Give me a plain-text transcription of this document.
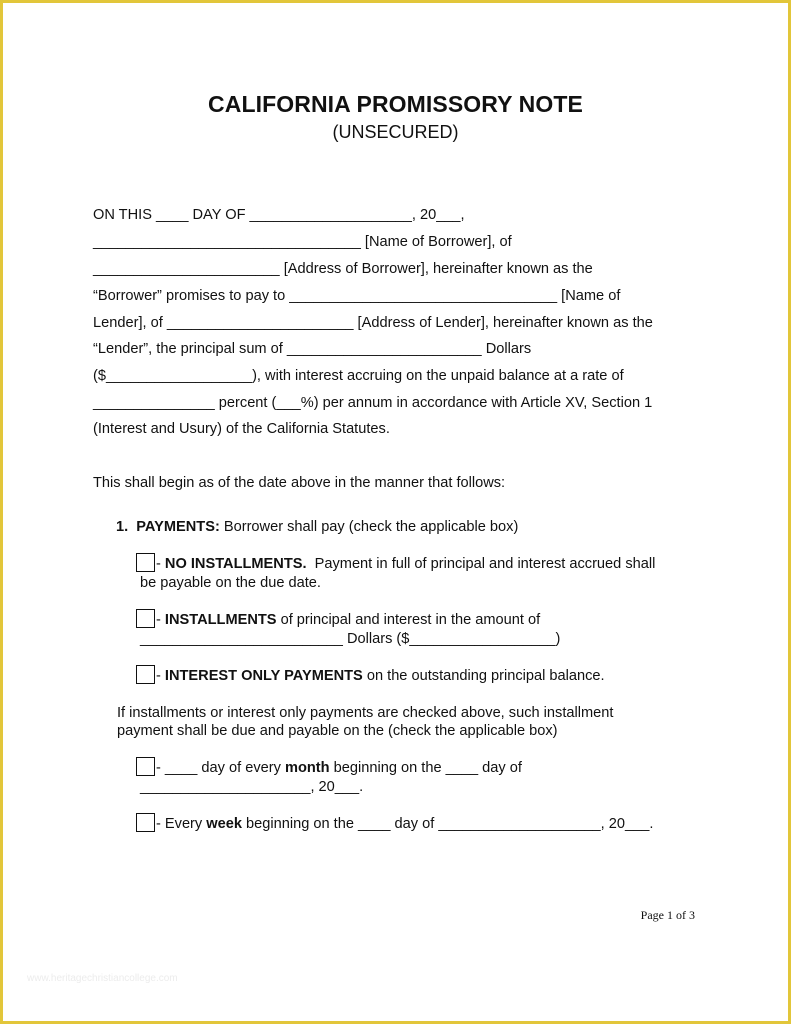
CALIFORNIA PROMISSORY NOTE
(UNSECURED)
ON THIS ____ DAY OF ____________________, 20___,
_________________________________ [Name of Borrower], of
_______________________ [Address of Borrower], hereinafter known as the
“Borrower” promises to pay to _________________________________ [Name of
Lender], of _______________________ [Address of Lender], hereinafter known as the
“Lender”, the principal sum of ________________________ Dollars
($__________________), with interest accruing on the unpaid balance at a rate of
_______________ percent (___%) per annum in accordance with Article XV, Section 1
(Interest and Usury) of the California Statutes.
This shall begin as of the date above in the manner that follows:
1. PAYMENTS: Borrower shall pay (check the applicable box)
- NO INSTALLMENTS.  Payment in full of principal and interest accrued shall
be payable on the due date.
- INSTALLMENTS of principal and interest in the amount of
_________________________ Dollars ($__________________)
- INTEREST ONLY PAYMENTS on the outstanding principal balance.
If installments or interest only payments are checked above, such installment
payment shall be due and payable on the (check the applicable box)
- ____ day of every month beginning on the ____ day of
_____________________, 20___.
- Every week beginning on the ____ day of ____________________, 20___.
Page 1 of 3
www.heritagechristiancollege.com
